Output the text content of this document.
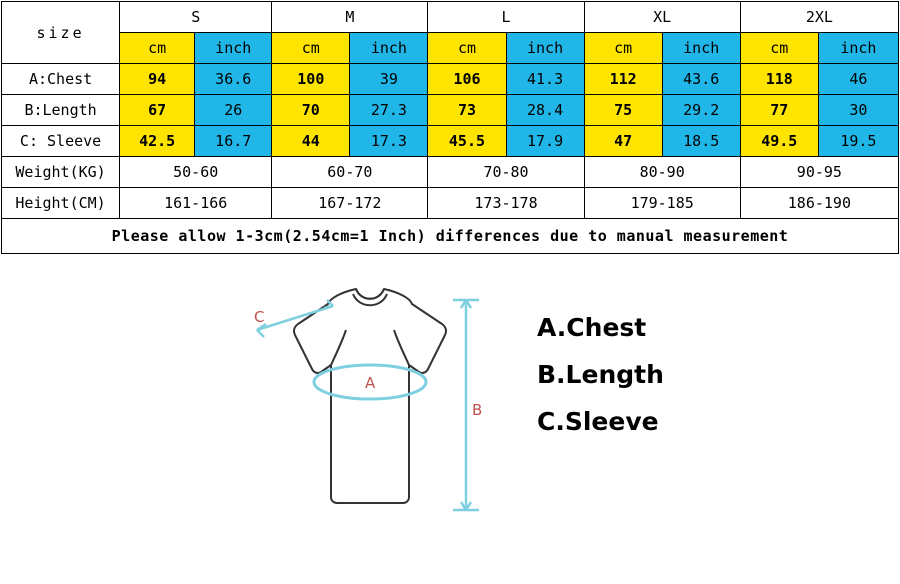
size	S		M		L		XL		2XL	
	cm	inch	cm	inch	cm	inch	cm	inch	cm	inch
A:Chest	94	36.6	100	39	106	41.3	112	43.6	118	46
B:Length	67	26	70	27.3	73	28.4	75	29.2	77	30
C: Sleeve	42.5	16.7	44	17.3	45.5	17.9	47	18.5	49.5	19.5
Weight(KG)	50-60		60-70		70-80		80-90		90-95	
Height(CM)	161-166		167-172		173-178		179-185		186-190	
Please allow 1-3cm(2.54cm=1 Inch) differences due to manual measurement										
A
C
B
A.Chest
B.Length
C.Sleeve
